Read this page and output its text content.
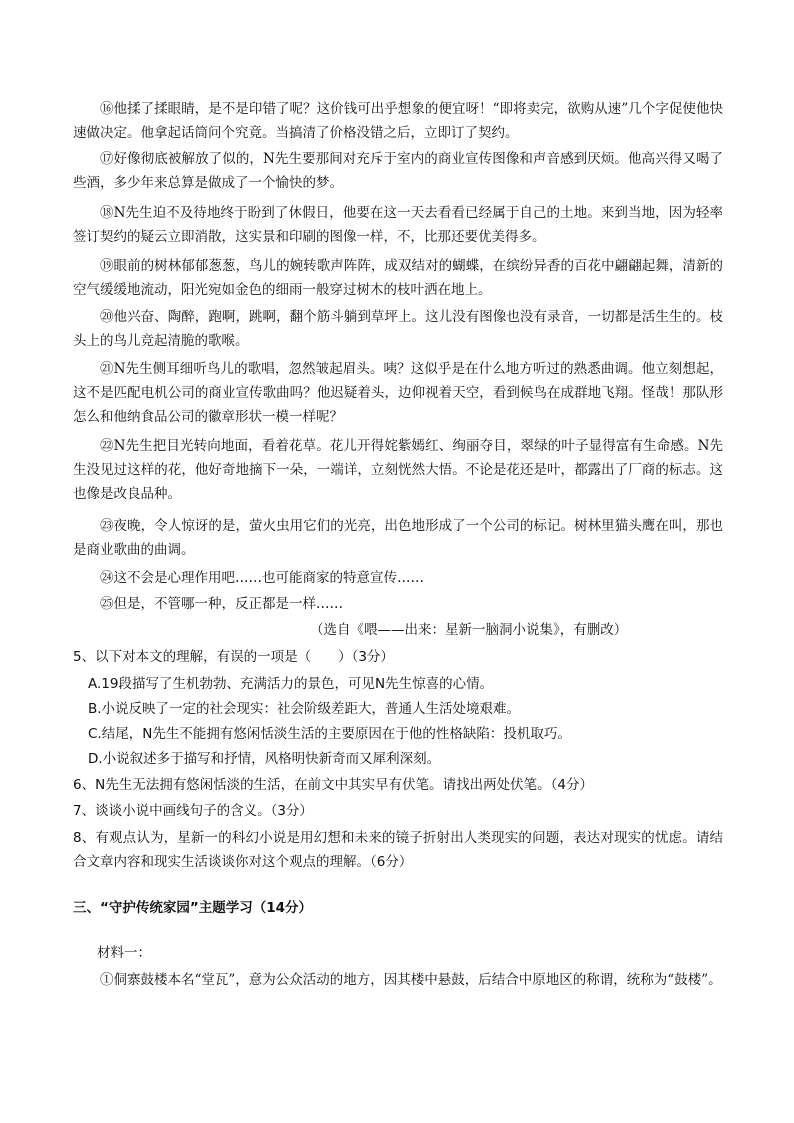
⑯他揉了揉眼睛，是不是印错了呢？这价钱可出乎想象的便宜呀！“即将卖完，欲购从速”几个字促使他快速做决定。他拿起话筒问个究竟。当搞清了价格没错之后，立即订了契约。
⑰好像彻底被解放了似的，N先生要那间对充斥于室内的商业宣传图像和声音感到厌烦。他高兴得又喝了些酒，多少年来总算是做成了一个愉快的梦。
⑱N先生迫不及待地终于盼到了休假日，他要在这一天去看看已经属于自己的土地。来到当地，因为轻率签订契约的疑云立即消散，这实景和印刷的图像一样，不，比那还要优美得多。
⑲眼前的树林郁郁葱葱，鸟儿的婉转歌声阵阵，成双结对的蝴蝶，在缤纷异香的百花中翩翩起舞，清新的空气缓缓地流动，阳光宛如金色的细雨一般穿过树木的枝叶洒在地上。
⑳他兴奋、陶醉，跑啊，跳啊，翻个筋斗躺到草坪上。这儿没有图像也没有录音，一切都是活生生的。枝头上的鸟儿竞起清脆的歌喉。
㉑N先生侧耳细听鸟儿的歌唱，忽然皱起眉头。咦？这似乎是在什么地方听过的熟悉曲调。他立刻想起，这不是匹配电机公司的商业宣传歌曲吗？他迟疑着头，边仰视着天空，看到候鸟在成群地飞翔。怪哉！那队形怎么和他纳食品公司的徽章形状一模一样呢？
㉒N先生把目光转向地面，看着花草。花儿开得姹紫嫣红、绚丽夺目，翠绿的叶子显得富有生命感。N先生没见过这样的花，他好奇地摘下一朵，一端详，立刻恍然大悟。不论是花还是叶，都露出了厂商的标志。这也像是改良品种。
㉓夜晚，令人惊讶的是，萤火虫用它们的光亮，出色地形成了一个公司的标记。树林里猫头鹰在叫，那也是商业歌曲的曲调。
㉔这不会是心理作用吧……也可能商家的特意宣传……
㉕但是，不管哪一种，反正都是一样……
（选自《喂——出来：星新一脑洞小说集》，有删改）
5、以下对本文的理解，有误的一项是（　　）（3分）
A.19段描写了生机勃勃、充满活力的景色，可见N先生惊喜的心情。
B.小说反映了一定的社会现实：社会阶级差距大，普通人生活处境艰难。
C.结尾，N先生不能拥有悠闲恬淡生活的主要原因在于他的性格缺陷：投机取巧。
D.小说叙述多于描写和抒情，风格明快新奇而又犀利深刻。
6、N先生无法拥有悠闲恬淡的生活，在前文中其实早有伏笔。请找出两处伏笔。（4分）
7、谈谈小说中画线句子的含义。（3分）
8、有观点认为，星新一的科幻小说是用幻想和未来的镜子折射出人类现实的问题，表达对现实的忧虑。请结合文章内容和现实生活谈谈你对这个观点的理解。（6分）
三、“守护传统家园”主题学习（14分）
材料一：
①侗寨鼓楼本名“堂瓦”，意为公众活动的地方，因其楼中悬鼓，后结合中原地区的称谓，统称为“鼓楼”。
